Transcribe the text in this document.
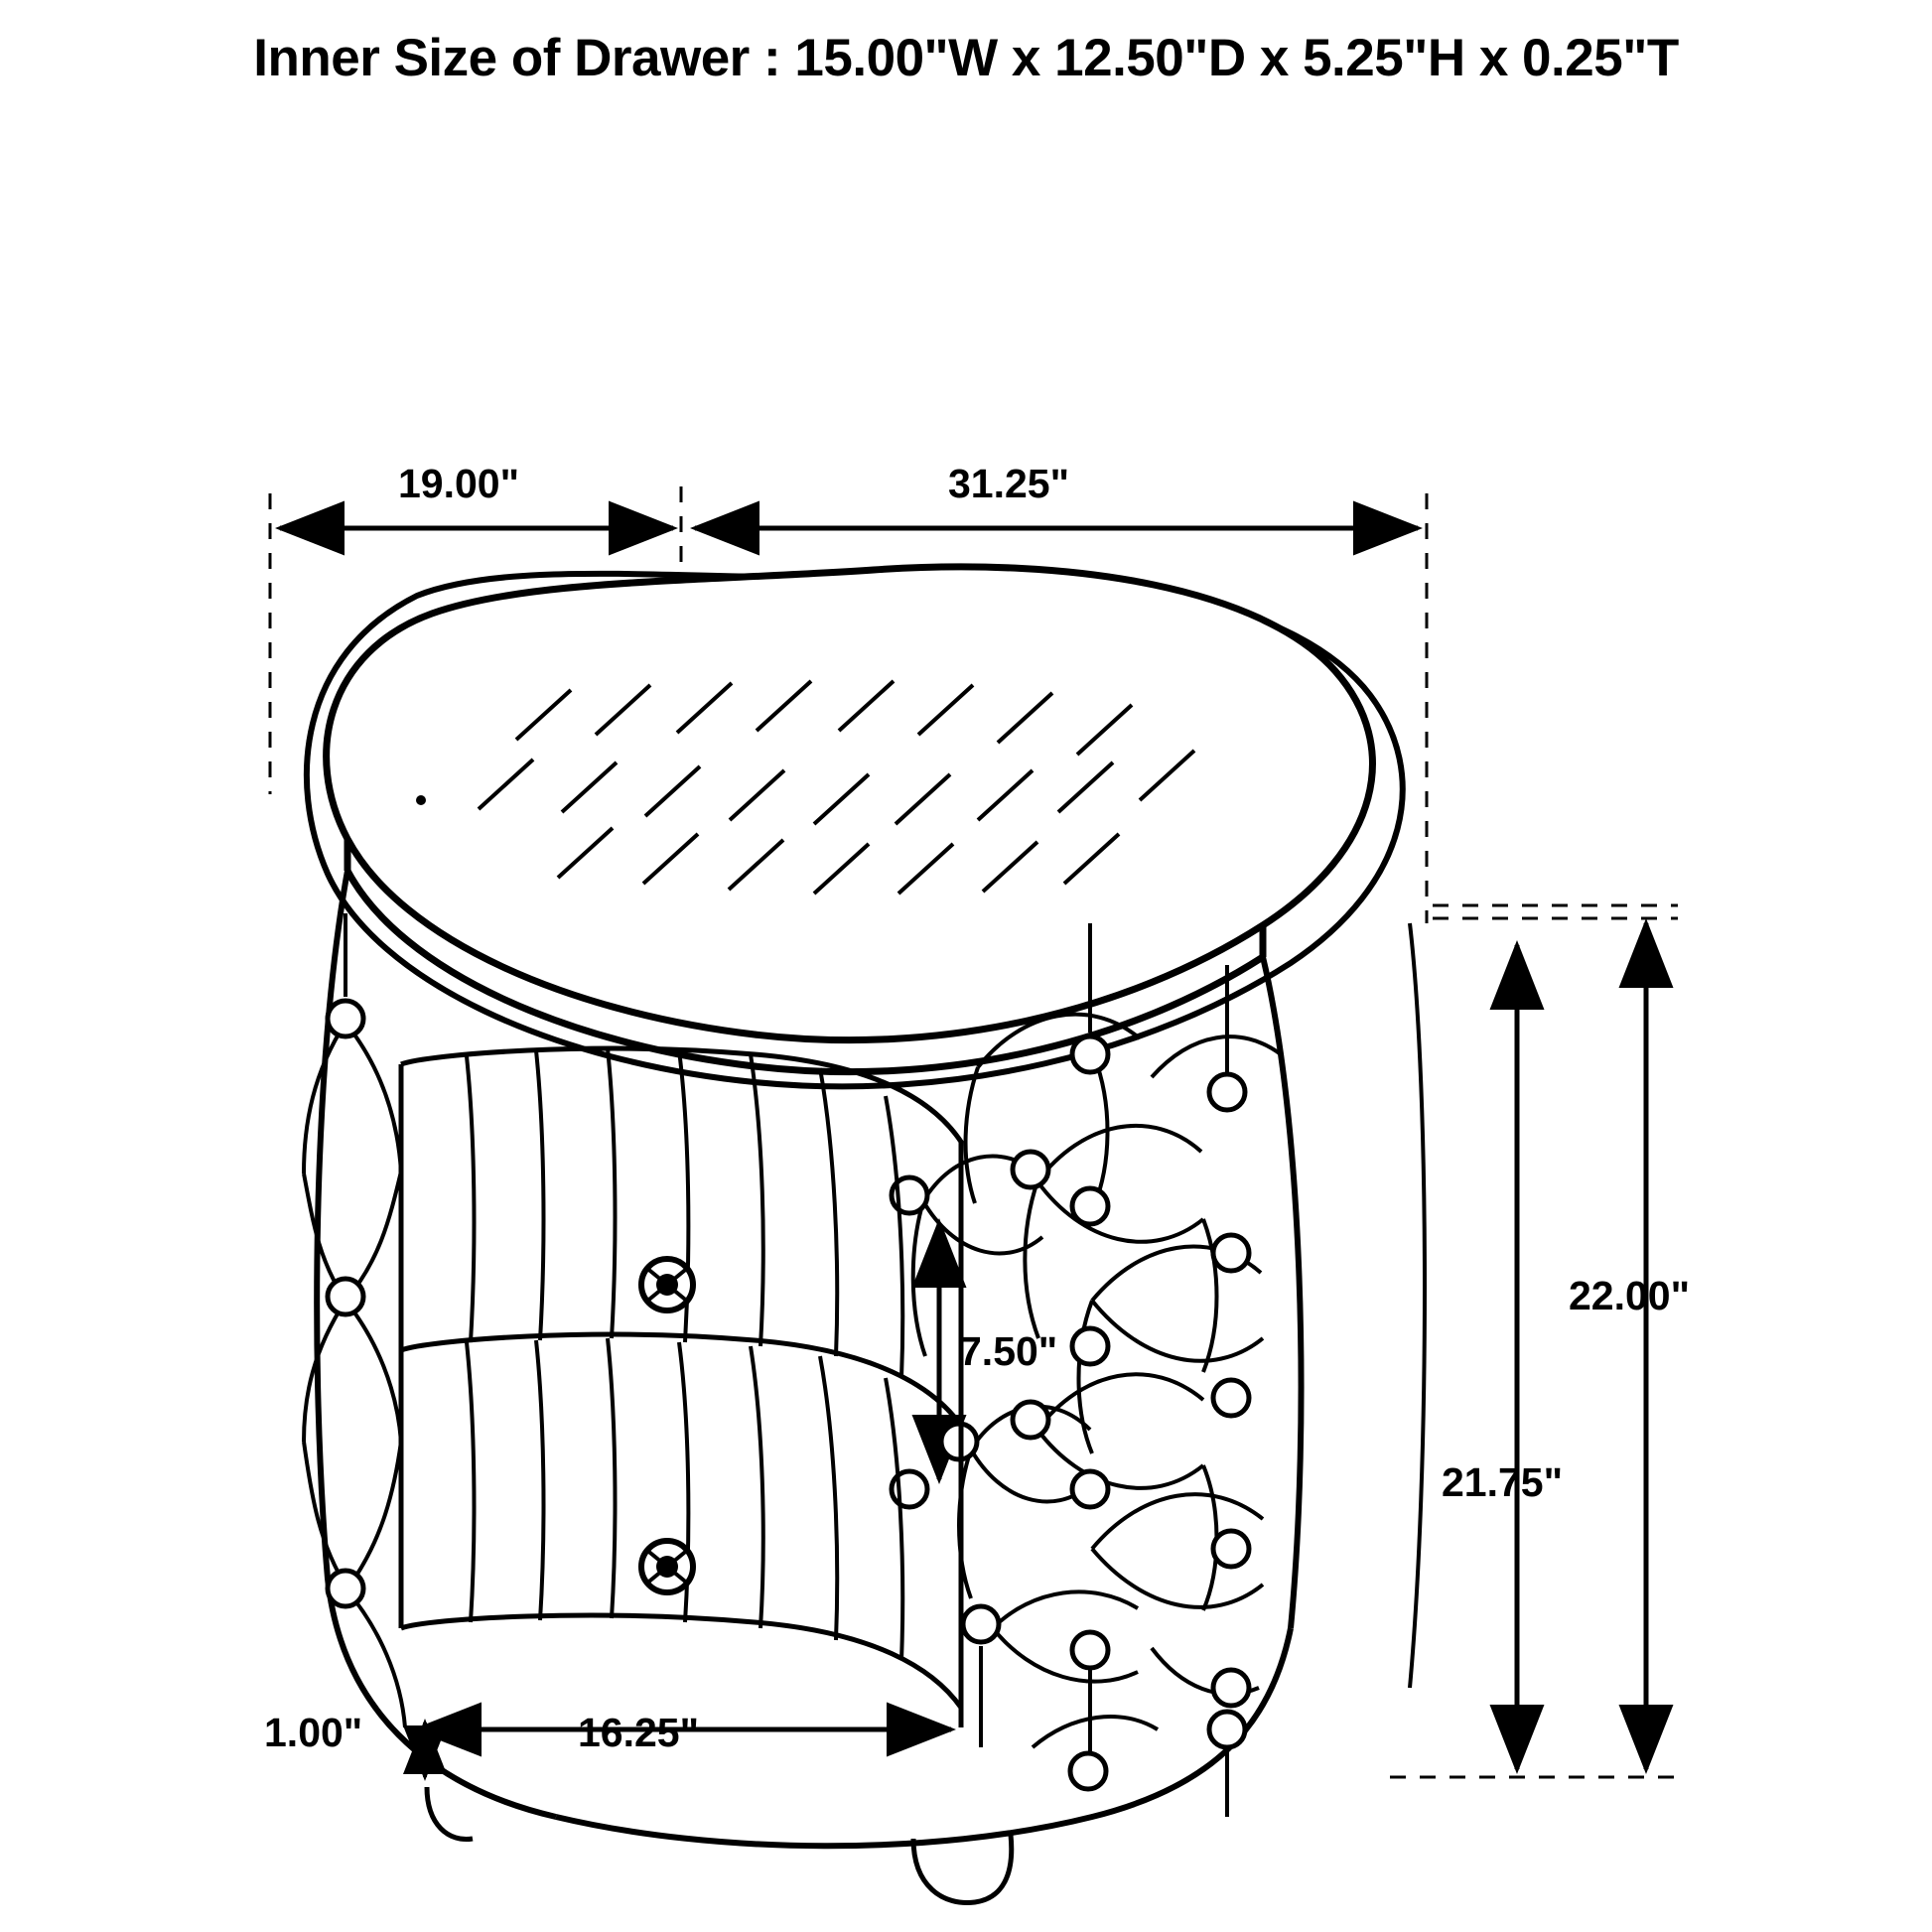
Inner Size of Drawer : 15.00"W x 12.50"D x 5.25"H x 0.25"T
19.00"	31.25"
7.50"
16.25"
1.00"
22.00"
21.75"
